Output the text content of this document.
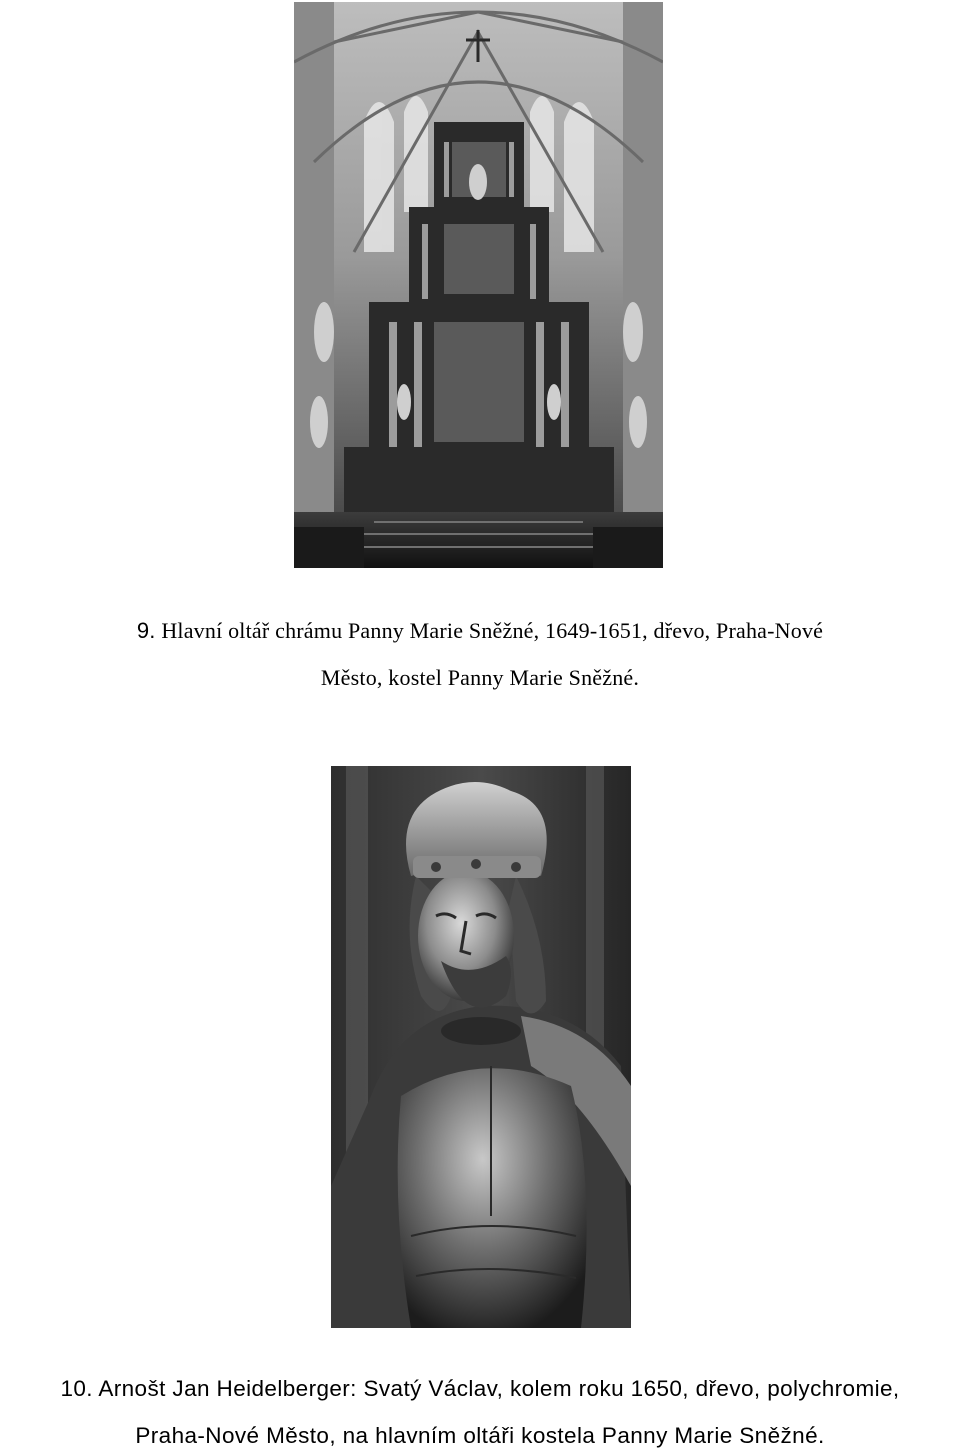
9. Hlavní oltář chrámu Panny Marie Sněžné, 1649-1651, dřevo, Praha-Nové
Město, kostel Panny Marie Sněžné.
10. Arnošt Jan Heidelberger: Svatý Václav, kolem roku 1650, dřevo, polychromie,
Praha-Nové Město, na hlavním oltáři kostela Panny Marie Sněžné.
